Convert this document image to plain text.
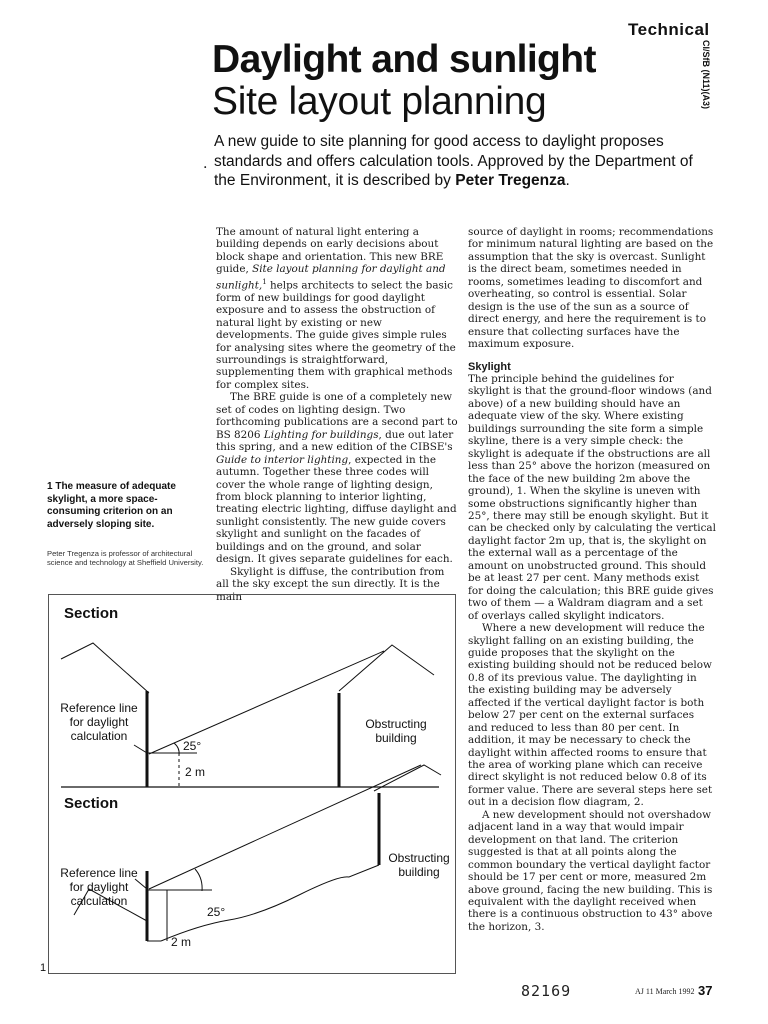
Technical
Daylight and sunlight
Site layout planning	CI/SfB (N11)(A3)
.
A new guide to site planning for good access to daylight proposes standards and offers calculation tools. Approved by the Department of the Environment, it is described by Peter Tregenza.

The amount of natural light entering a building depends on early decisions about block shape and orientation. This new BRE guide, Site layout planning for daylight and sunlight,$^1$ helps architects to select the basic form of new buildings for good daylight exposure and to assess the obstruction of natural light by existing or new developments. The guide gives simple rules for analysing sites where the geometry of the surroundings is straightforward, supplementing them with graphical methods for complex sites.

The BRE guide is one of a completely new set of codes on lighting design. Two forthcoming publications are a second part to BS 8206 Lighting for buildings, due out later this spring, and a new edition of the CIBSE's Guide to interior lighting, expected in the autumn. Together these three codes will cover the whole range of lighting design, from block planning to interior lighting, treating electric lighting, diffuse daylight and sunlight consistently. The new guide covers skylight and sunlight on the facades of buildings and on the ground, and solar design. It gives separate guidelines for each.

Skylight is diffuse, the contribution from all the sky except the sun directly. It is the main

source of daylight in rooms; recommendations for minimum natural lighting are based on the assumption that the sky is overcast. Sunlight is the direct beam, sometimes needed in rooms, sometimes leading to discomfort and overheating, so control is essential. Solar design is the use of the sun as a source of direct energy, and here the requirement is to ensure that collecting surfaces have the maximum exposure.

Skylight

The principle behind the guidelines for skylight is that the ground-floor windows (and above) of a new building should have an adequate view of the sky. Where existing buildings surrounding the site form a simple skyline, there is a very simple check: the skylight is adequate if the obstructions are all less than 25° above the horizon (measured on the face of the new building 2m above the ground), 1. When the skyline is uneven with some obstructions significantly higher than 25°, there may still be enough skylight. But it can be checked only by calculating the vertical daylight factor 2m up, that is, the skylight on the external wall as a percentage of the amount on unobstructed ground. This should be at least 27 per cent. Many methods exist for doing the calculation; this BRE guide gives two of them — a Waldram diagram and a set of overlays called skylight indicators.

Where a new development will reduce the skylight falling on an existing building, the guide proposes that the skylight on the existing building should not be reduced below 0.8 of its previous value. The daylighting in the existing building may be adversely affected if the vertical daylight factor is both below 27 per cent on the external surfaces and reduced to less than 80 per cent. In addition, it may be necessary to check the daylight within affected rooms to ensure that the area of working plane which can receive direct skylight is not reduced below 0.8 of its former value. There are several steps here set out in a decision flow diagram, 2.

A new development should not overshadow adjacent land in a way that would impair development on that land. The criterion suggested is that at all points along the common boundary the vertical daylight factor should be 17 per cent or more, measured 2m above ground, facing the new building. This is equivalent with the daylight received when there is a continuous obstruction to 43° above the horizon, 3.

1 The measure of adequate skylight, a more space-consuming criterion on an adversely sloping site.
Peter Tregenza is professor of architectural science and technology at Sheffield University.
Section
Reference line
for daylight
calculation
25°
2 m
Obstructing
building
Section
Reference line
for daylight
calculation
25°
2 m
Obstructing
building
1
82169	AJ 11 March 1992 37
